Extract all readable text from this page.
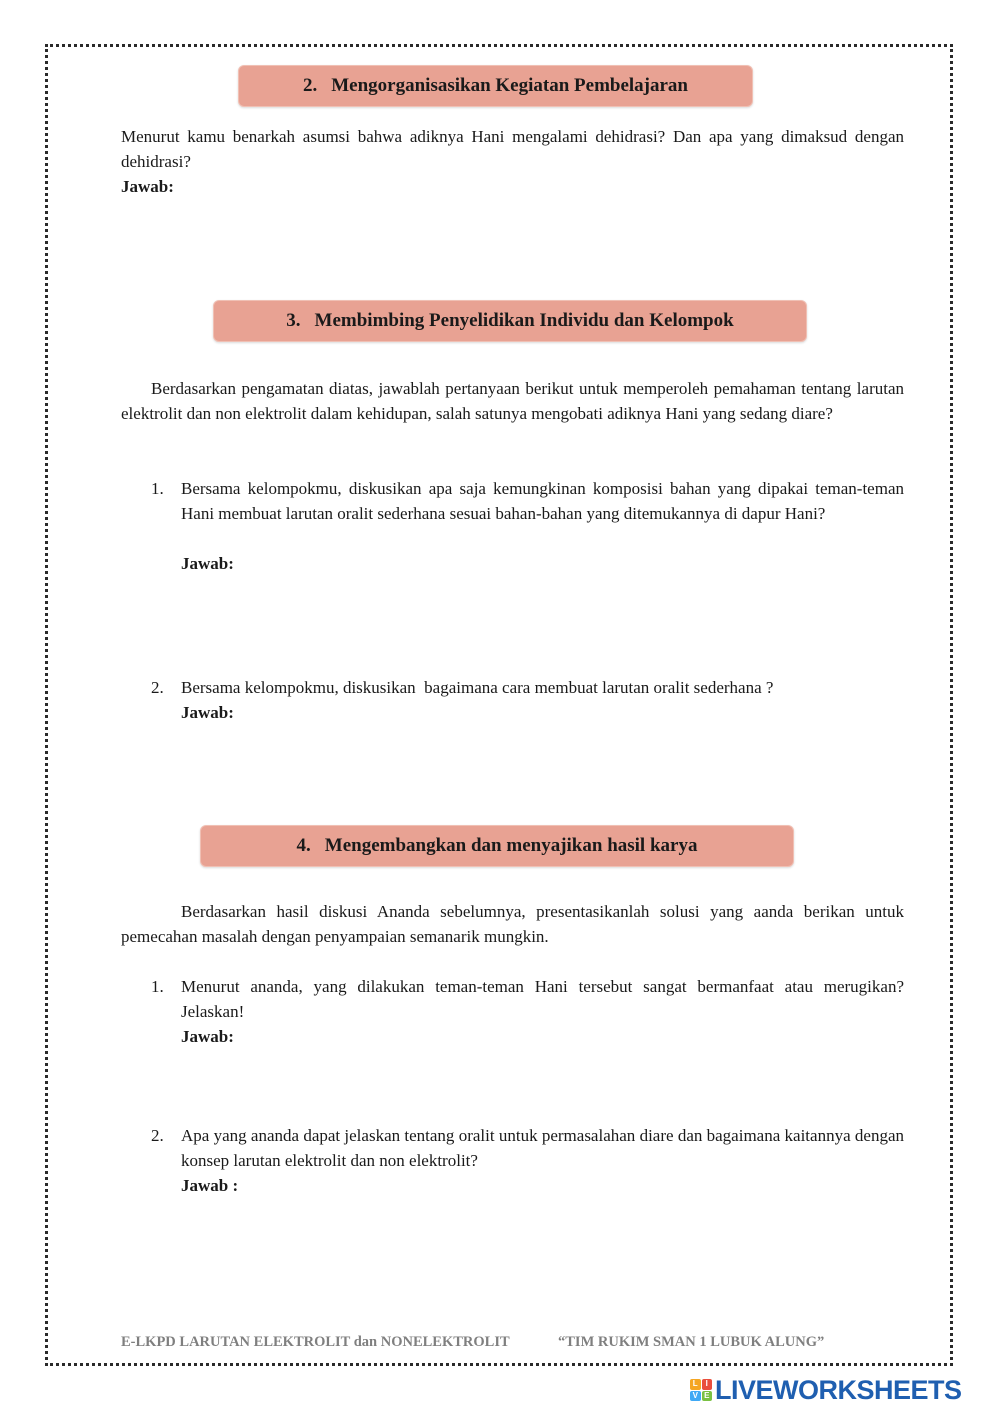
2. Mengorganisasikan Kegiatan Pembelajaran
Menurut kamu benarkah asumsi bahwa adiknya Hani mengalami dehidrasi? Dan apa yang dimaksud dengan dehidrasi?
Jawab:
3. Membimbing Penyelidikan Individu dan Kelompok
Berdasarkan pengamatan diatas, jawablah pertanyaan berikut untuk memperoleh pemahaman tentang larutan elektrolit dan non elektrolit dalam kehidupan, salah satunya mengobati adiknya Hani yang sedang diare?
1. Bersama kelompokmu, diskusikan apa saja kemungkinan komposisi bahan yang dipakai teman-teman Hani membuat larutan oralit sederhana sesuai bahan-bahan yang ditemukannya di dapur Hani?
Jawab:
2. Bersama kelompokmu, diskusikan  bagaimana cara membuat larutan oralit sederhana ?
Jawab:
4. Mengembangkan dan menyajikan hasil karya
Berdasarkan hasil diskusi Ananda sebelumnya, presentasikanlah solusi yang aanda berikan untuk pemecahan masalah dengan penyampaian semanarik mungkin.
1. Menurut ananda, yang dilakukan teman-teman Hani tersebut sangat bermanfaat atau merugikan? Jelaskan!
Jawab:
2. Apa yang ananda dapat jelaskan tentang oralit untuk permasalahan diare dan bagaimana kaitannya dengan konsep larutan elektrolit dan non elektrolit?
Jawab :
E-LKPD LARUTAN ELEKTROLIT dan NONELEKTROLIT	“TIM RUKIM SMAN 1 LUBUK ALUNG”
L I
V E LIVEWORKSHEETS
